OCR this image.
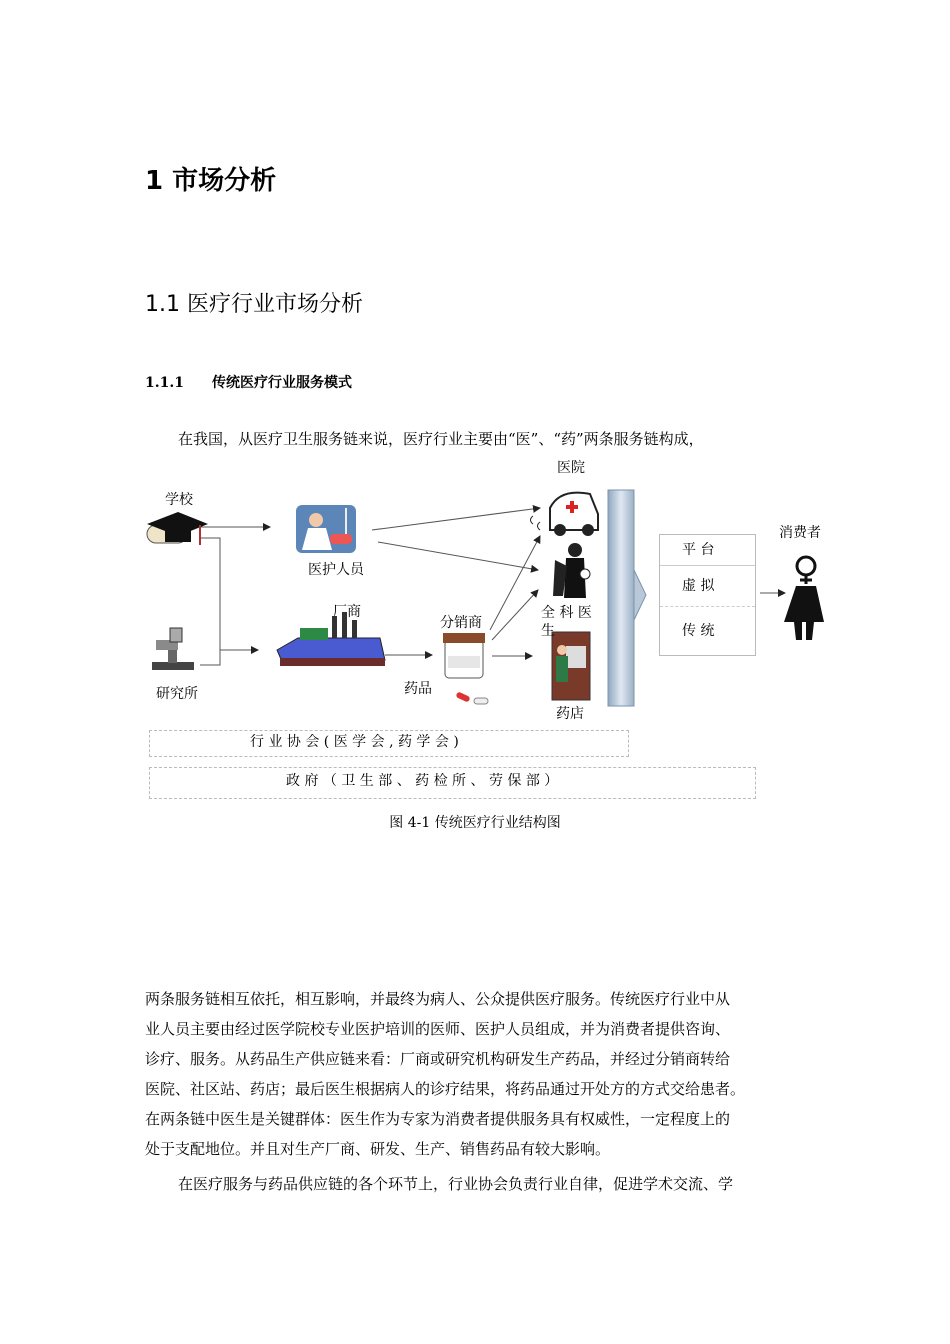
1 市场分析
1.1 医疗行业市场分析
1.1.1 传统医疗行业服务模式
在我国，从医疗卫生服务链来说，医疗行业主要由“医”、“药”两条服务链构成，
医院
学校
消费者
医护人员
厂商
分销商
全 科 医
生
药品
研究所
药店
平 台
虚 拟
传 统
行 业 协 会 ( 医 学 会 , 药 学 会 )
政 府 （ 卫 生 部 、 药 检 所 、 劳 保 部 ）
图 4-1 传统医疗行业结构图
两条服务链相互依托，相互影响，并最终为病人、公众提供医疗服务。传统医疗行业中从
业人员主要由经过医学院校专业医护培训的医师、医护人员组成，并为消费者提供咨询、
诊疗、服务。从药品生产供应链来看：厂商或研究机构研发生产药品，并经过分销商转给
医院、社区站、药店；最后医生根据病人的诊疗结果，将药品通过开处方的方式交给患者。
在两条链中医生是关键群体：医生作为专家为消费者提供服务具有权威性，一定程度上的
处于支配地位。并且对生产厂商、研发、生产、销售药品有较大影响。
在医疗服务与药品供应链的各个环节上，行业协会负责行业自律，促进学术交流、学
